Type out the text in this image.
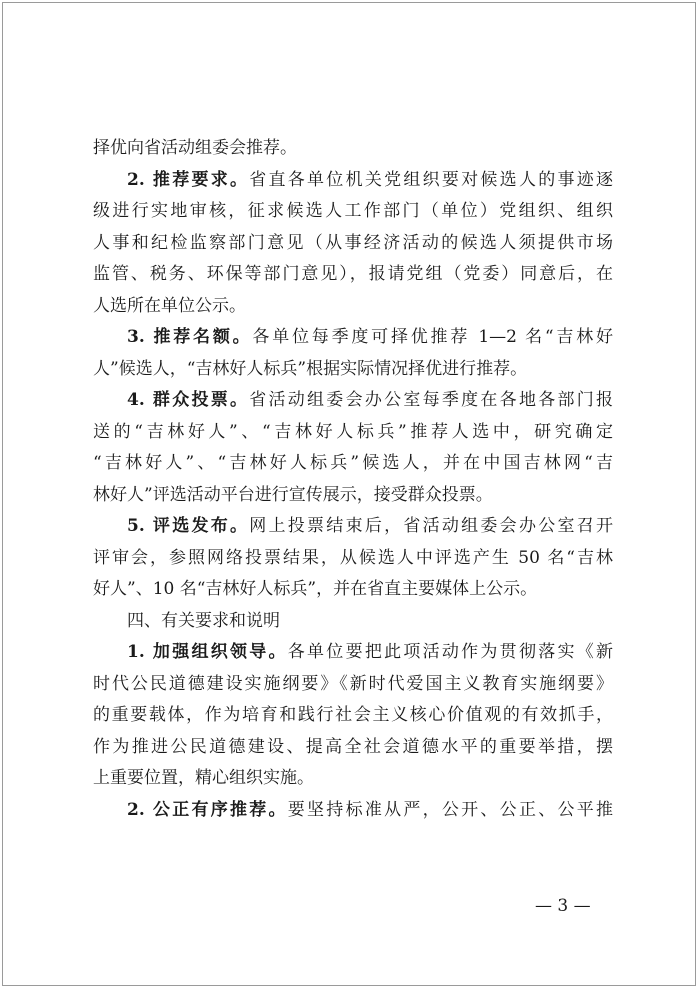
择优向省活动组委会推荐。
2. 推荐要求。省直各单位机关党组织要对候选人的事迹逐
级进行实地审核，征求候选人工作部门（单位）党组织、组织
人事和纪检监察部门意见（从事经济活动的候选人须提供市场
监管、税务、环保等部门意见），报请党组（党委）同意后，在
人选所在单位公示。
3. 推荐名额。各单位每季度可择优推荐 1—2 名“吉林好
人”候选人，“吉林好人标兵”根据实际情况择优进行推荐。
4. 群众投票。省活动组委会办公室每季度在各地各部门报
送的“吉林好人”、“吉林好人标兵”推荐人选中，研究确定
“吉林好人”、“吉林好人标兵”候选人，并在中国吉林网“吉
林好人”评选活动平台进行宣传展示，接受群众投票。
5. 评选发布。网上投票结束后，省活动组委会办公室召开
评审会，参照网络投票结果，从候选人中评选产生 50 名“吉林
好人”、10 名“吉林好人标兵”，并在省直主要媒体上公示。
四、有关要求和说明
1. 加强组织领导。各单位要把此项活动作为贯彻落实《新
时代公民道德建设实施纲要》《新时代爱国主义教育实施纲要》
的重要载体，作为培育和践行社会主义核心价值观的有效抓手，
作为推进公民道德建设、提高全社会道德水平的重要举措，摆
上重要位置，精心组织实施。
2. 公正有序推荐。要坚持标准从严，公开、公正、公平推
— 3 —
